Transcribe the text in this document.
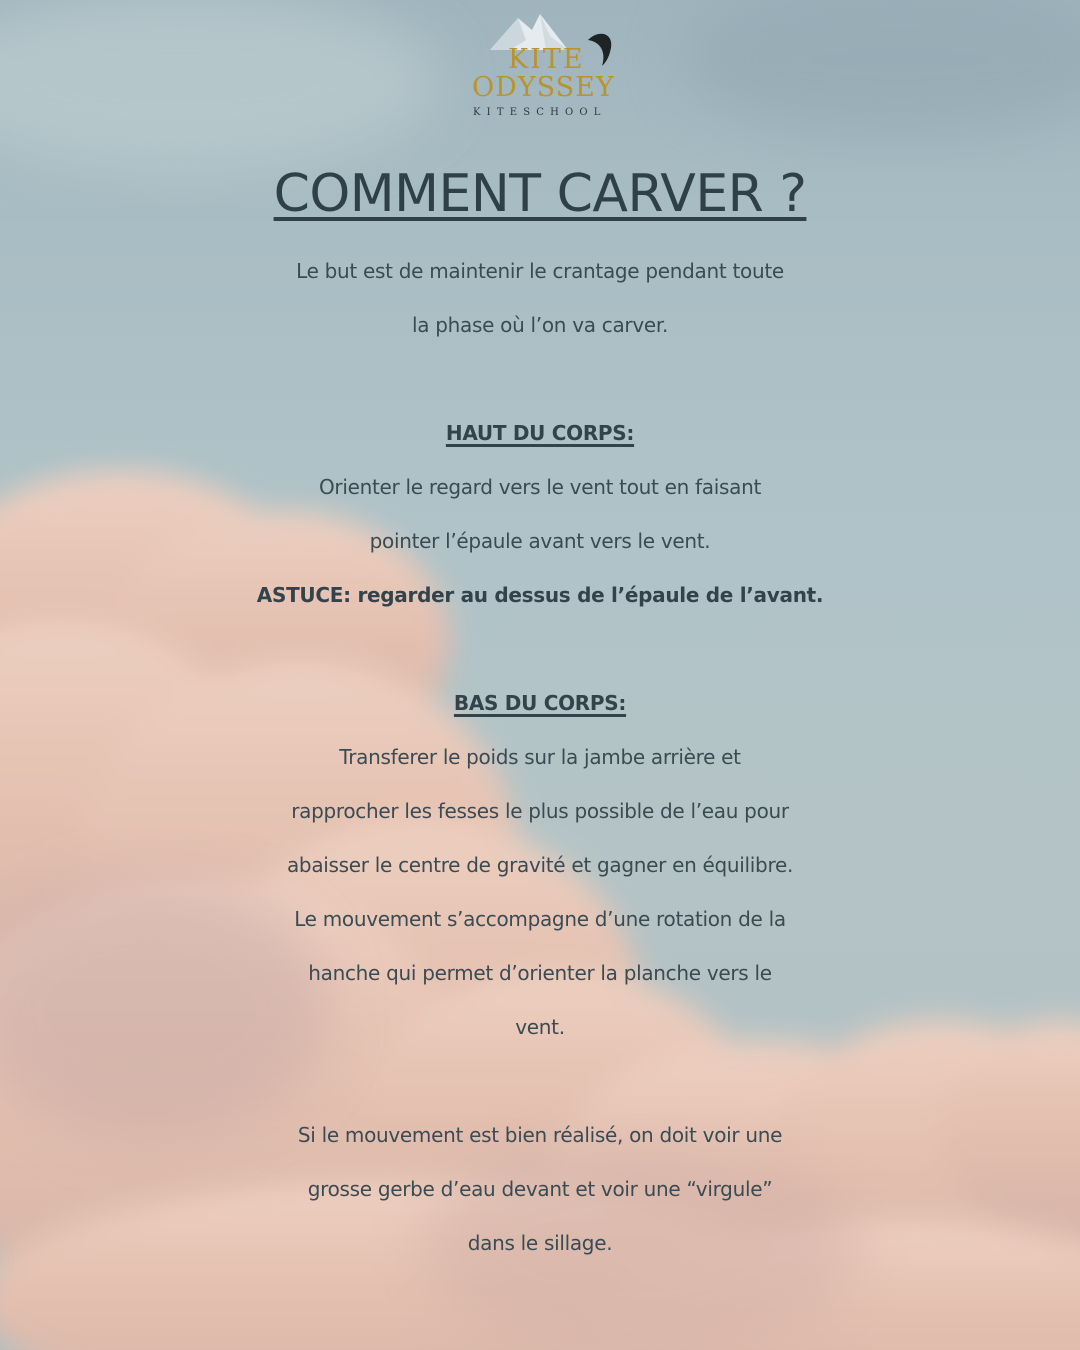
KITE
ODYSSEY
KITESCHOOL
COMMENT CARVER ?
Le but est de maintenir le crantage pendant toute
la phase où l’on va carver.
HAUT DU CORPS:
Orienter le regard vers le vent tout en faisant
pointer l’épaule avant vers le vent.
ASTUCE: regarder au dessus de l’épaule de l’avant.
BAS DU CORPS:
Transferer le poids sur la jambe arrière et
rapprocher les fesses le plus possible de l’eau pour
abaisser le centre de gravité et gagner en équilibre.
Le mouvement s’accompagne d’une rotation de la
hanche qui permet d’orienter la planche vers le
vent.
Si le mouvement est bien réalisé, on doit voir une
grosse gerbe d’eau devant et voir une “virgule”
dans le sillage.
